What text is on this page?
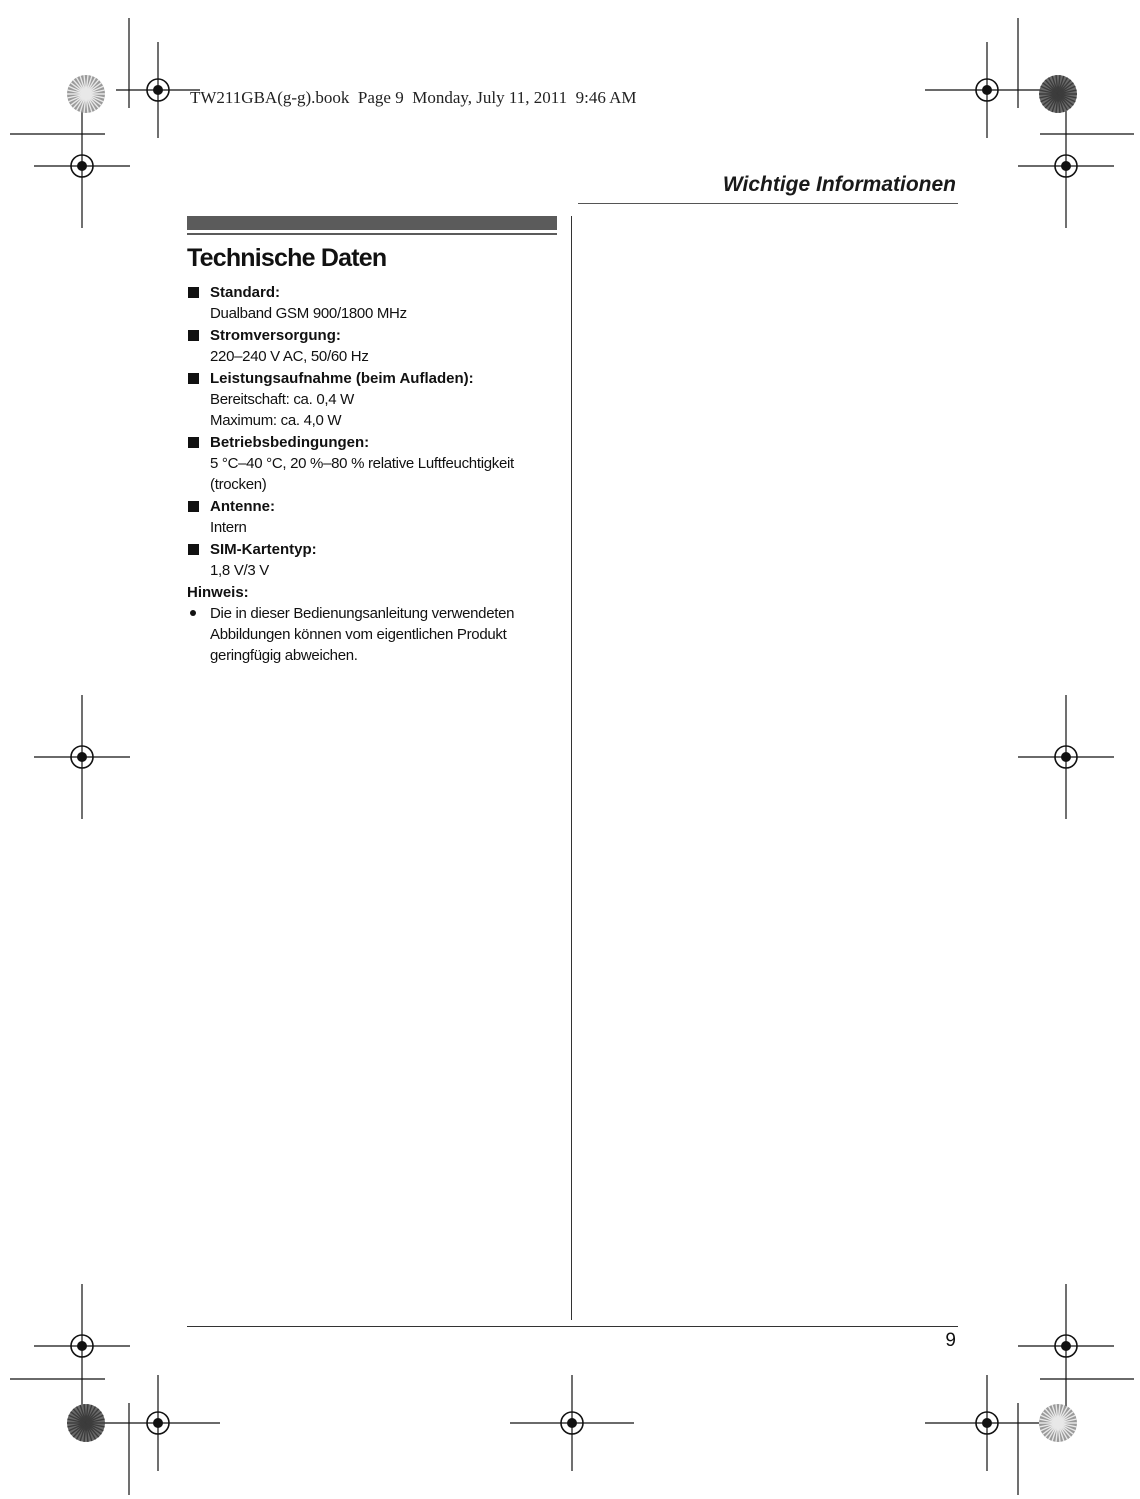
TW211GBA(g-g).book  Page 9  Monday, July 11, 2011  9:46 AM
Wichtige Informationen
Technische Daten
Standard:
Dualband GSM 900/1800 MHz
Stromversorgung:
220–240 V AC, 50/60 Hz
Leistungsaufnahme (beim Aufladen):
Bereitschaft: ca. 0,4 W
Maximum: ca. 4,0 W
Betriebsbedingungen:
5 °C–40 °C, 20 %–80 % relative Luftfeuchtigkeit
(trocken)
Antenne:
Intern
SIM-Kartentyp:
1,8 V/3 V
Hinweis:
Die in dieser Bedienungsanleitung verwendeten
Abbildungen können vom eigentlichen Produkt
geringfügig abweichen.
9
